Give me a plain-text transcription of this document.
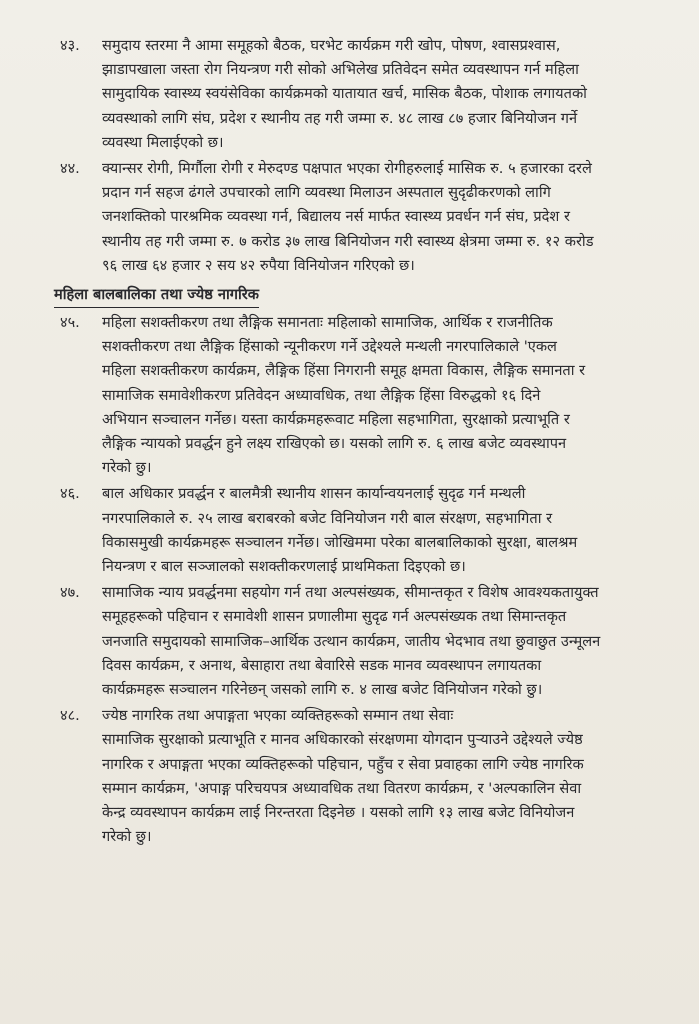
४३.	समुदाय स्तरमा नै आमा समूहको बैठक, घरभेट कार्यक्रम गरी खोप, पोषण, श्वासप्रश्वास,
झाडापखाला जस्ता रोग नियन्त्रण गरी सोको अभिलेख प्रतिवेदन समेत व्यवस्थापन गर्न महिला
सामुदायिक स्वास्थ्य स्वयंसेविका कार्यक्रमको यातायात खर्च, मासिक बैठक, पोशाक लगायतको
व्यवस्थाको लागि संघ, प्रदेश र स्थानीय तह गरी जम्मा रु. ४८ लाख ८७ हजार बिनियोजन गर्ने
व्यवस्था मिलाईएको छ।
४४.	क्यान्सर रोगी, मिर्गौला रोगी र मेरुदण्ड पक्षपात भएका रोगीहरुलाई मासिक रु. ५ हजारका दरले
प्रदान गर्न सहज ढंगले उपचारको लागि व्यवस्था मिलाउन अस्पताल सुदृढीकरणको लागि
जनशक्तिको पारश्रमिक व्यवस्था गर्न, बिद्यालय नर्स मार्फत स्वास्थ्य प्रवर्धन गर्न संघ, प्रदेश र
स्थानीय तह गरी जम्मा रु. ७ करोड ३७ लाख बिनियोजन गरी स्वास्थ्य क्षेत्रमा जम्मा रु. १२ करोड
९६ लाख ६४ हजार २ सय ४२ रुपैया विनियोजन गरिएको छ।
महिला बालबालिका तथा ज्येष्ठ नागरिक
४५.	महिला सशक्तीकरण तथा लैङ्गिक समानताः महिलाको सामाजिक, आर्थिक र राजनीतिक
सशक्तीकरण तथा लैङ्गिक हिंसाको न्यूनीकरण गर्ने उद्देश्यले मन्थली नगरपालिकाले 'एकल
महिला सशक्तीकरण कार्यक्रम, लैङ्गिक हिंसा निगरानी समूह क्षमता विकास, लैङ्गिक समानता र
सामाजिक समावेशीकरण प्रतिवेदन अध्यावधिक, तथा लैङ्गिक हिंसा विरुद्धको १६ दिने
अभियान सञ्चालन गर्नेछ। यस्ता कार्यक्रमहरूवाट महिला सहभागिता, सुरक्षाको प्रत्याभूति र
लैङ्गिक न्यायको प्रवर्द्धन हुने लक्ष्य राखिएको छ। यसको लागि रु. ६ लाख बजेट व्यवस्थापन
गरेको छु।
४६.	बाल अधिकार प्रवर्द्धन र बालमैत्री स्थानीय शासन कार्यान्वयनलाई सुदृढ गर्न मन्थली
नगरपालिकाले रु. २५ लाख बराबरको बजेट विनियोजन गरी बाल संरक्षण, सहभागिता र
विकासमुखी कार्यक्रमहरू सञ्चालन गर्नेछ। जोखिममा परेका बालबालिकाको सुरक्षा, बालश्रम
नियन्त्रण र बाल सञ्जालको सशक्तीकरणलाई प्राथमिकता दिइएको छ।
४७.	सामाजिक न्याय प्रवर्द्धनमा सहयोग गर्न तथा अल्पसंख्यक, सीमान्तकृत र विशेष आवश्यकतायुक्त
समूहहरूको पहिचान र समावेशी शासन प्रणालीमा सुदृढ गर्न अल्पसंख्यक तथा सिमान्तकृत
जनजाति समुदायको सामाजिक–आर्थिक उत्थान कार्यक्रम, जातीय भेदभाव तथा छुवाछुत उन्मूलन
दिवस कार्यक्रम, र अनाथ, बेसाहारा तथा बेवारिसे सडक मानव व्यवस्थापन लगायतका
कार्यक्रमहरू सञ्चालन गरिनेछन् जसको लागि रु. ४ लाख बजेट विनियोजन गरेको छु।
४८.	ज्येष्ठ नागरिक तथा अपाङ्गता भएका व्यक्तिहरूको सम्मान तथा सेवाः
सामाजिक सुरक्षाको प्रत्याभूति र मानव अधिकारको संरक्षणमा योगदान पुर्‍याउने उद्देश्यले ज्येष्ठ
नागरिक र अपाङ्गता भएका व्यक्तिहरूको पहिचान, पहुँच र सेवा प्रवाहका लागि ज्येष्ठ नागरिक
सम्मान कार्यक्रम, 'अपाङ्ग परिचयपत्र अध्यावधिक तथा वितरण कार्यक्रम, र 'अल्पकालिन सेवा
केन्द्र व्यवस्थापन कार्यक्रम लाई निरन्तरता दिइनेछ । यसको लागि १३ लाख बजेट विनियोजन
गरेको छु।
